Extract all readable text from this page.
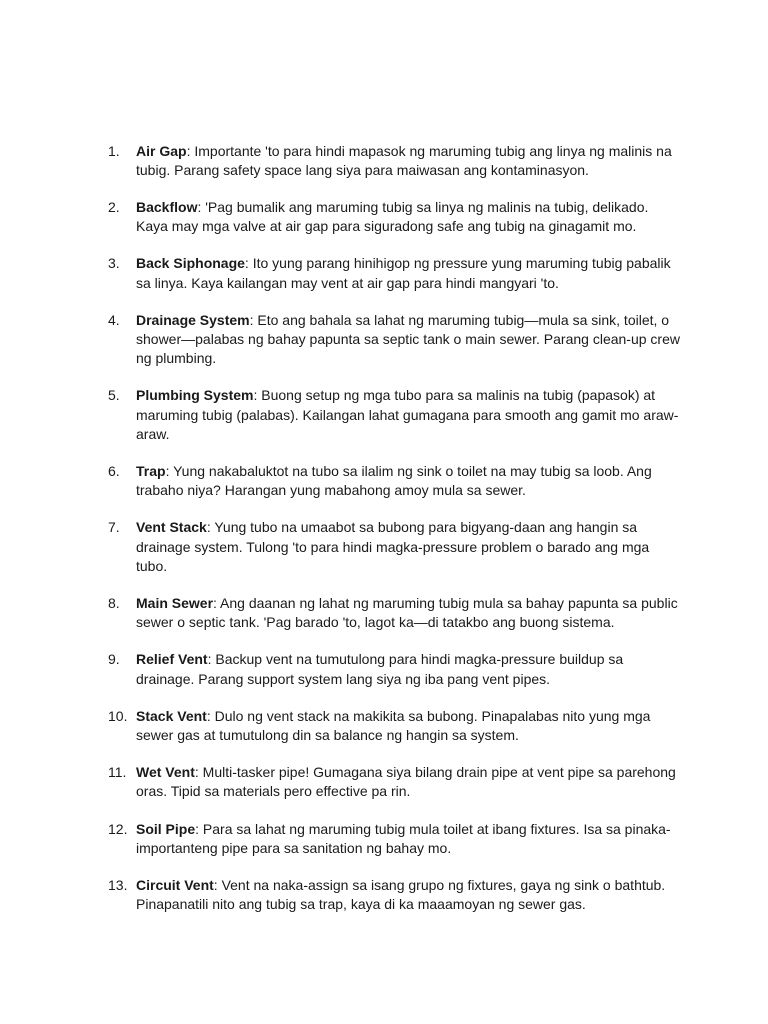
1.	Air Gap: Importante 'to para hindi mapasok ng maruming tubig ang linya ng malinis na tubig. Parang safety space lang siya para maiwasan ang kontaminasyon.
2.	Backflow: 'Pag bumalik ang maruming tubig sa linya ng malinis na tubig, delikado. Kaya may mga valve at air gap para siguradong safe ang tubig na ginagamit mo.
3.	Back Siphonage: Ito yung parang hinihigop ng pressure yung maruming tubig pabalik sa linya. Kaya kailangan may vent at air gap para hindi mangyari 'to.
4.	Drainage System: Eto ang bahala sa lahat ng maruming tubig—mula sa sink, toilet, o shower—palabas ng bahay papunta sa septic tank o main sewer. Parang clean-up crew ng plumbing.
5.	Plumbing System: Buong setup ng mga tubo para sa malinis na tubig (papasok) at maruming tubig (palabas). Kailangan lahat gumagana para smooth ang gamit mo araw-araw.
6.	Trap: Yung nakabaluktot na tubo sa ilalim ng sink o toilet na may tubig sa loob. Ang trabaho niya? Harangan yung mabahong amoy mula sa sewer.
7.	Vent Stack: Yung tubo na umaabot sa bubong para bigyang-daan ang hangin sa drainage system. Tulong 'to para hindi magka-pressure problem o barado ang mga tubo.
8.	Main Sewer: Ang daanan ng lahat ng maruming tubig mula sa bahay papunta sa public sewer o septic tank. 'Pag barado 'to, lagot ka—di tatakbo ang buong sistema.
9.	Relief Vent: Backup vent na tumutulong para hindi magka-pressure buildup sa drainage. Parang support system lang siya ng iba pang vent pipes.
10. Stack Vent: Dulo ng vent stack na makikita sa bubong. Pinapalabas nito yung mga sewer gas at tumutulong din sa balance ng hangin sa system.
11. Wet Vent: Multi-tasker pipe! Gumagana siya bilang drain pipe at vent pipe sa parehong oras. Tipid sa materials pero effective pa rin.
12. Soil Pipe: Para sa lahat ng maruming tubig mula toilet at ibang fixtures. Isa sa pinaka-importanteng pipe para sa sanitation ng bahay mo.
13. Circuit Vent: Vent na naka-assign sa isang grupo ng fixtures, gaya ng sink o bathtub. Pinapanatili nito ang tubig sa trap, kaya di ka maaamoyan ng sewer gas.
